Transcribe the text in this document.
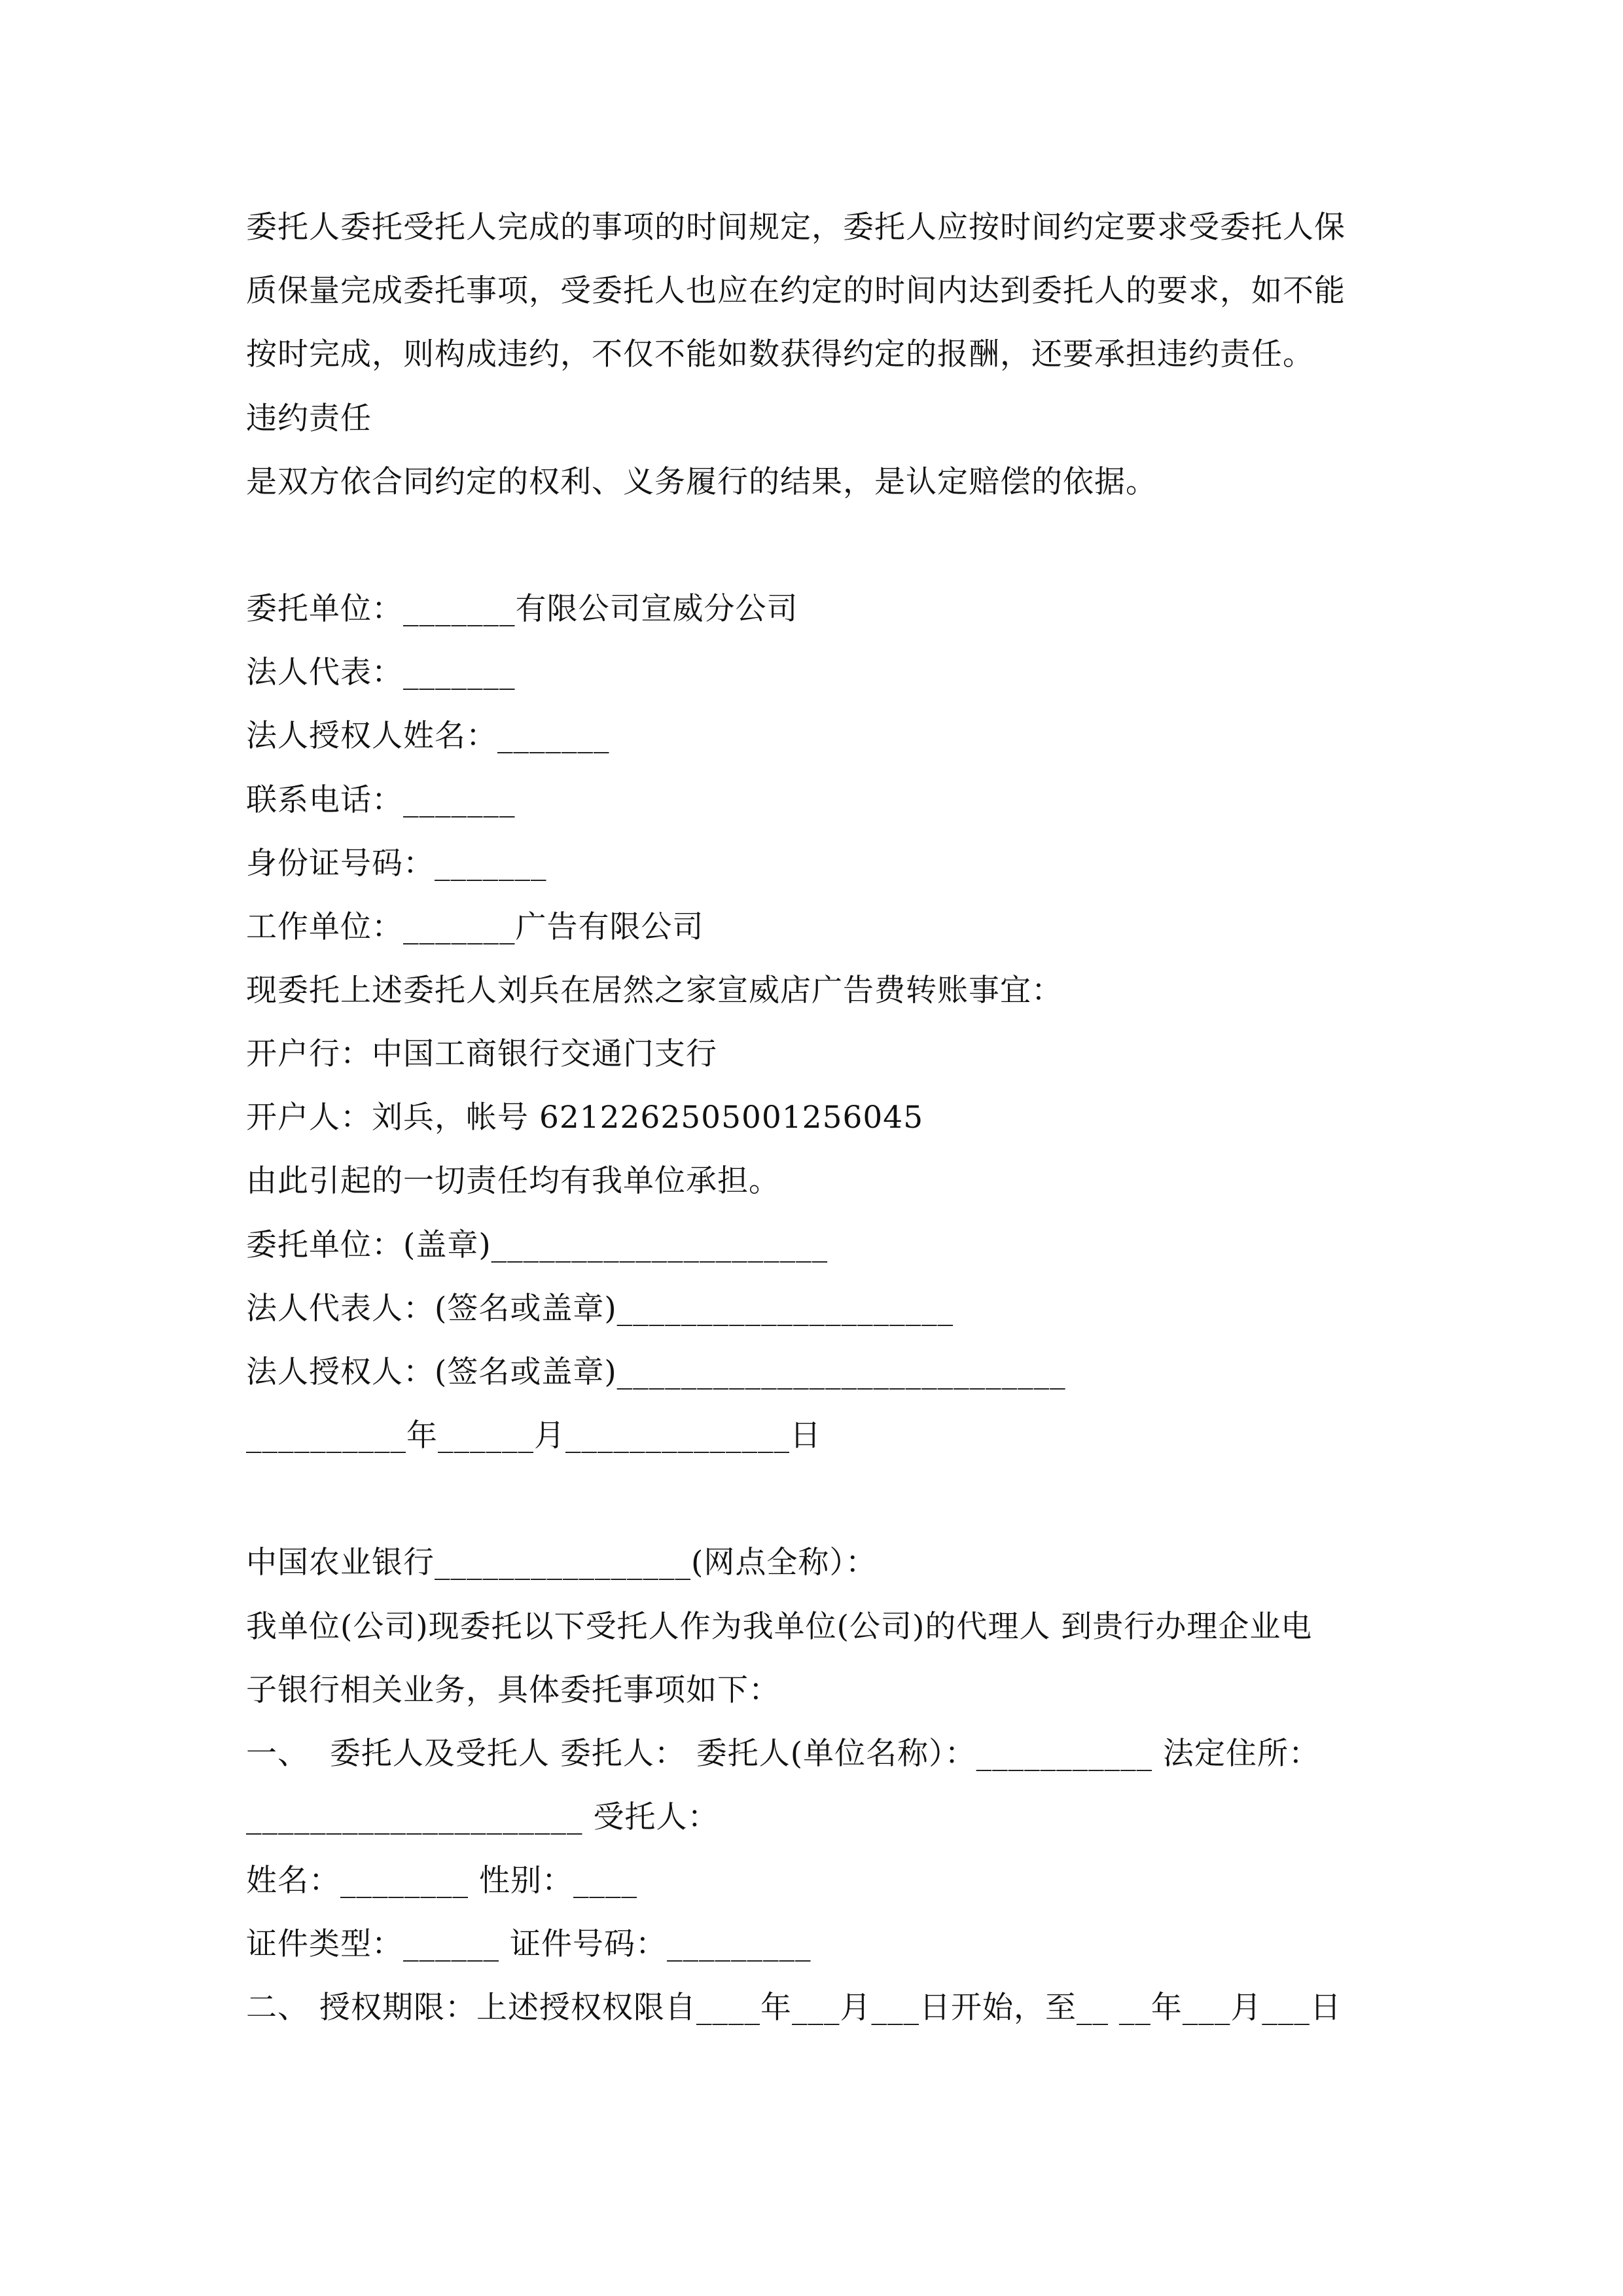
委托人委托受托人完成的事项的时间规定，委托人应按时间约定要求受委托人保

质保量完成委托事项，受委托人也应在约定的时间内达到委托人的要求，如不能

按时完成，则构成违约，不仅不能如数获得约定的报酬，还要承担违约责任。

违约责任

是双方依合同约定的权利、义务履行的结果，是认定赔偿的依据。

委托单位：_______有限公司宣威分公司

法人代表：_______

法人授权人姓名：_______

联系电话：_______

身份证号码：_______

工作单位：_______广告有限公司

现委托上述委托人刘兵在居然之家宣威店广告费转账事宜：

开户行：中国工商银行交通门支行

开户人：刘兵，帐号 6212262505001256045

由此引起的一切责任均有我单位承担。

委托单位：(盖章)_____________________

法人代表人：(签名或盖章)_____________________

法人授权人：(签名或盖章)____________________________

__________年______月______________日

中国农业银行________________(网点全称）：

我单位(公司)现委托以下受托人作为我单位(公司)的代理人 到贵行办理企业电

子银行相关业务，具体委托事项如下：

一、  委托人及受托人 委托人： 委托人(单位名称）：___________ 法定住所：

_____________________ 受托人：

姓名：________ 性别：____

证件类型：______ 证件号码：_________

二、 授权期限：上述授权权限自____年___月___日开始，至__ __年___月___日
